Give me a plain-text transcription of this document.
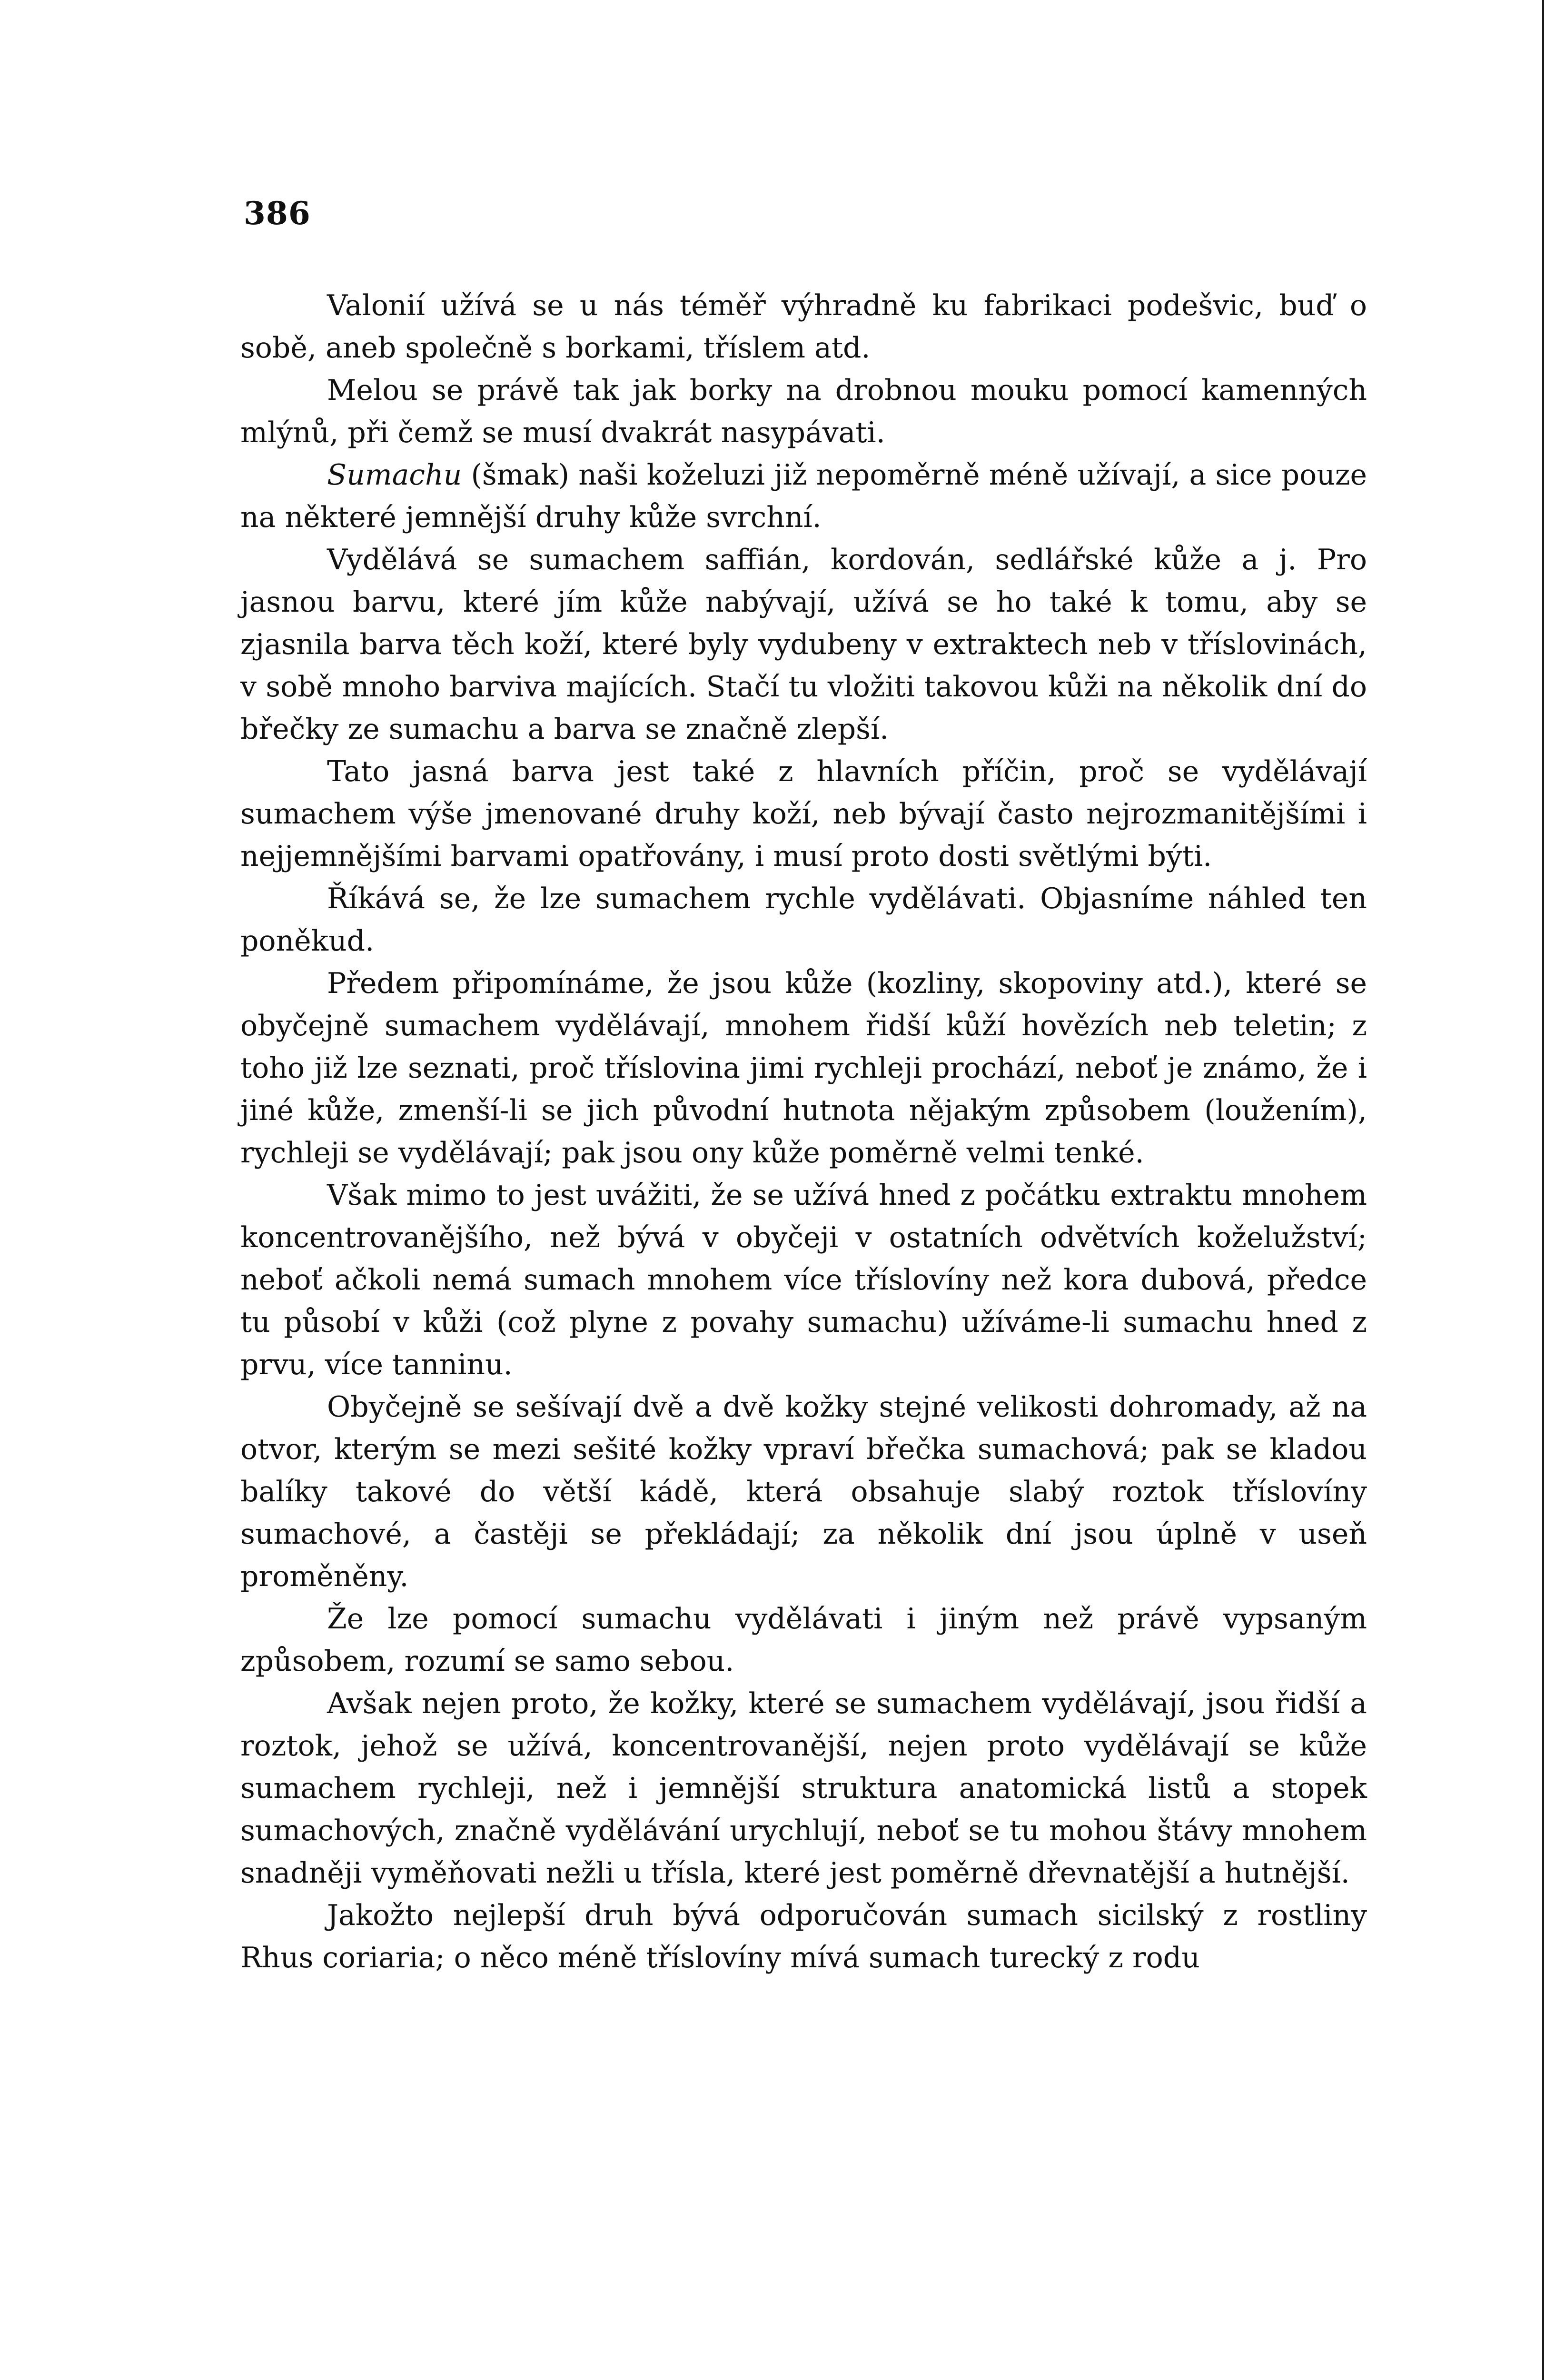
386

Valonií užívá se u nás téměř výhradně ku fabrikaci podešvic, buď o sobě, aneb společně s borkami, tříslem atd.

Melou se právě tak jak borky na drobnou mouku pomocí kamenných mlýnů, při čemž se musí dvakrát nasypávati.

Sumachu (šmak) naši koželuzi již nepoměrně méně užívají, a sice pouze na některé jemnější druhy kůže svrchní.

Vydělává se sumachem saffián, kordován, sedlářské kůže a j. Pro jasnou barvu, které jím kůže nabývají, užívá se ho také k tomu, aby se zjasnila barva těch koží, které byly vydubeny v extraktech neb v tříslovinách, v sobě mnoho barviva majících. Stačí tu vložiti takovou kůži na několik dní do břečky ze sumachu a barva se značně zlepší.

Tato jasná barva jest také z hlavních příčin, proč se vydělávají sumachem výše jmenované druhy koží, neb bývají často nejrozmanitějšími i nejjemnějšími barvami opatřovány, i musí proto dosti světlými býti.

Říkává se, že lze sumachem rychle vydělávati. Objasníme náhled ten poněkud.

Předem připomínáme, že jsou kůže (kozliny, skopoviny atd.), které se obyčejně sumachem vydělávají, mnohem řidší kůží hovězích neb teletin; z toho již lze seznati, proč tříslovina jimi rychleji prochází, neboť je známo, že i jiné kůže, zmenší-li se jich původní hutnota nějakým způsobem (loužením), rychleji se vydělávají; pak jsou ony kůže poměrně velmi tenké.

Však mimo to jest uvážiti, že se užívá hned z počátku extraktu mnohem koncentrovanějšího, než bývá v obyčeji v ostatních odvětvích koželužství; neboť ačkoli nemá sumach mnohem více tříslovíny než kora dubová, předce tu působí v kůži (což plyne z povahy sumachu) užíváme-li sumachu hned z prvu, více tanninu.

Obyčejně se sešívají dvě a dvě kožky stejné velikosti dohromady, až na otvor, kterým se mezi sešité kožky vpraví břečka sumachová; pak se kladou balíky takové do větší kádě, která obsahuje slabý roztok tříslovíny sumachové, a častěji se překládají; za několik dní jsou úplně v useň proměněny.

Že lze pomocí sumachu vydělávati i jiným než právě vypsaným způsobem, rozumí se samo sebou.

Avšak nejen proto, že kožky, které se sumachem vydělávají, jsou řidší a roztok, jehož se užívá, koncentrovanější, nejen proto vydělávají se kůže sumachem rychleji, než i jemnější struktura anatomická listů a stopek sumachových, značně vydělávání urychlují, neboť se tu mohou štávy mnohem snadněji vyměňovati nežli u třísla, které jest poměrně dřevnatější a hutnější.

Jakožto nejlepší druh bývá odporučován sumach sicilský z rostliny Rhus coriaria; o něco méně tříslovíny mívá sumach turecký z rodu
